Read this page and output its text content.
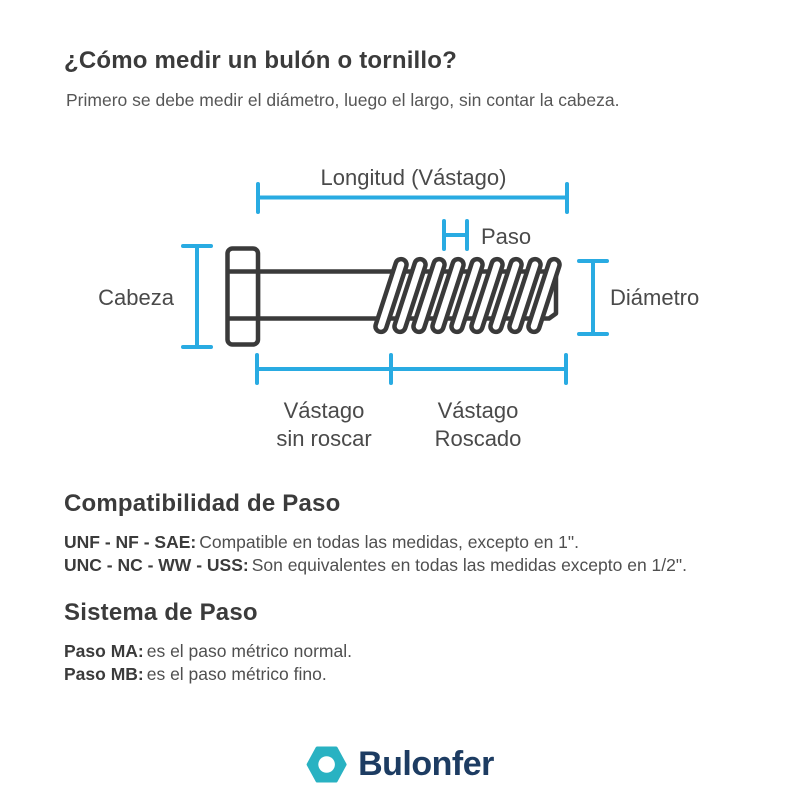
¿Cómo medir un bulón o tornillo?

Primero se debe medir el diámetro, luego el largo, sin contar la cabeza.

Longitud (Vástago)
Paso
Cabeza	Diámetro
Vástago
sin roscar
Vástago
Roscado
Compatibilidad de Paso

UNF - NF - SAE: Compatible en todas las medidas, excepto en 1".

UNC - NC - WW - USS: Son equivalentes en todas las medidas excepto en 1/2".

Sistema de Paso

Paso MA: es el paso métrico normal.

Paso MB: es el paso métrico fino.

Bulonfer
